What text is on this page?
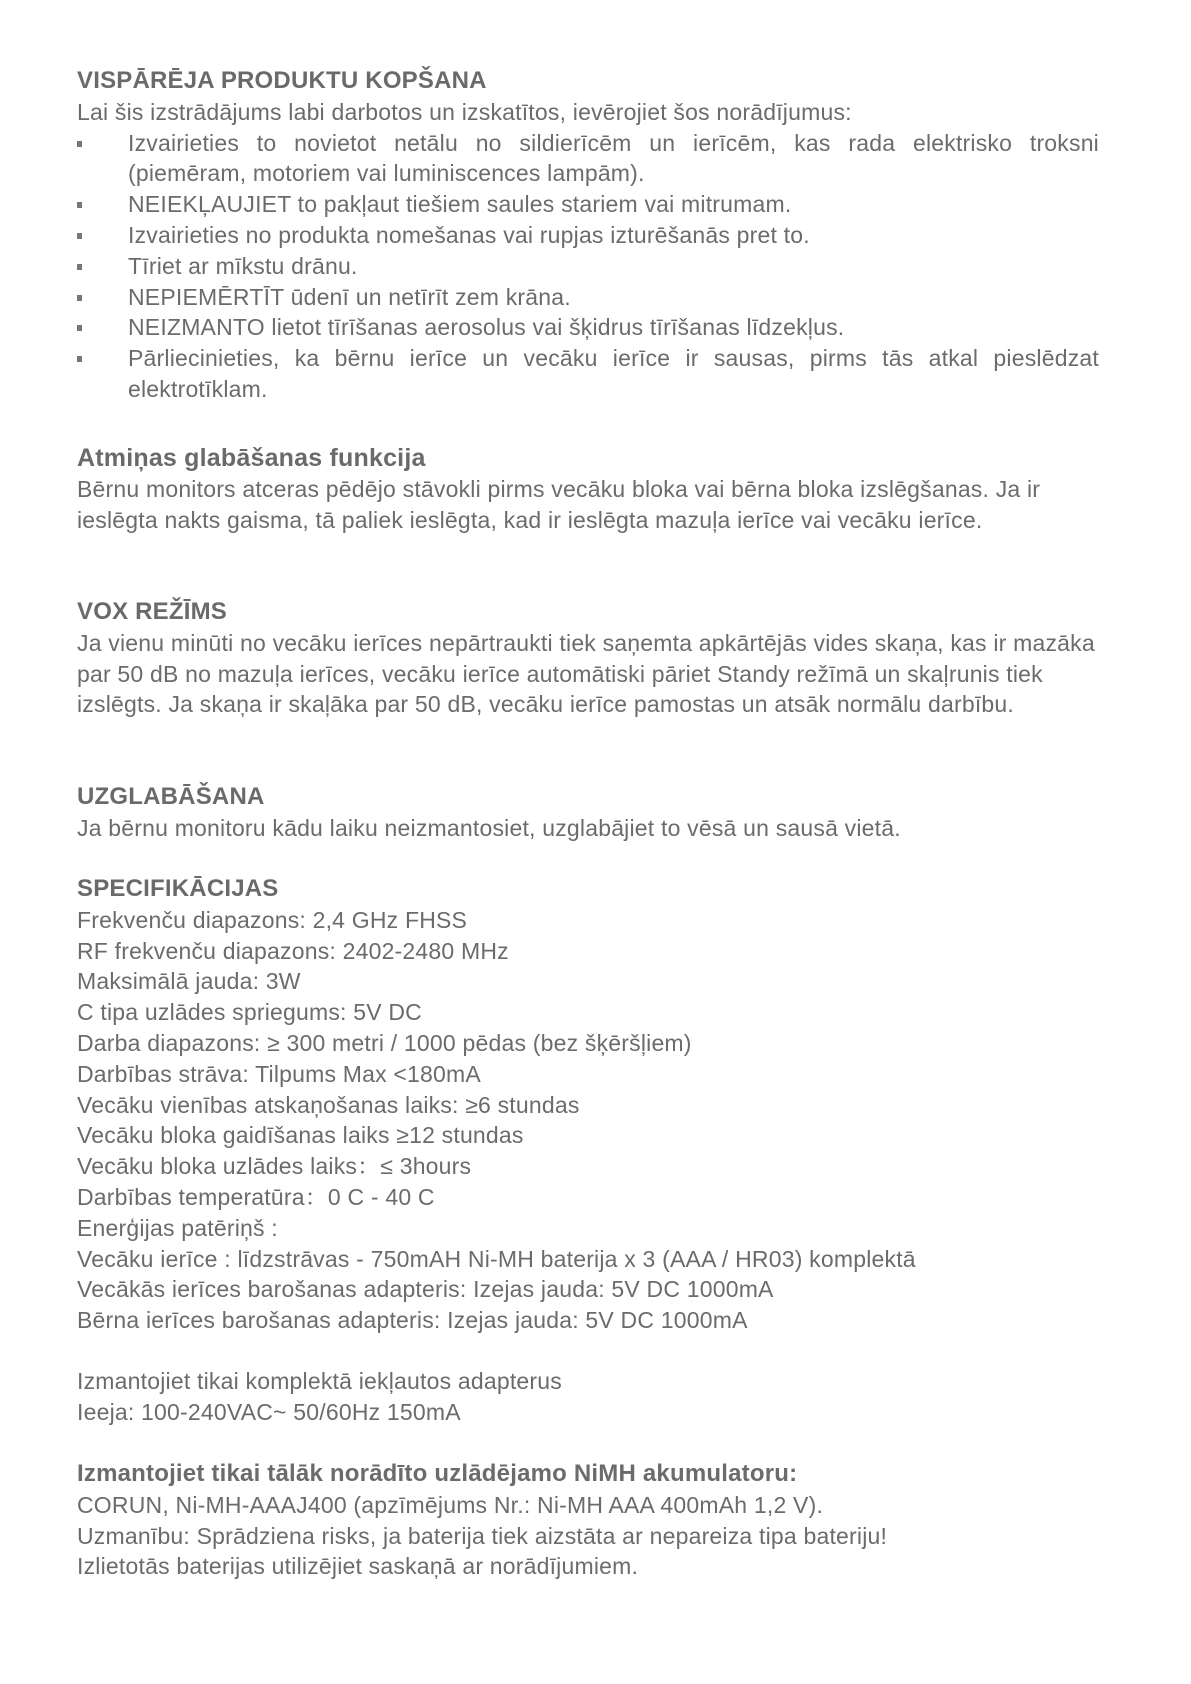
VISPĀRĒJA PRODUKTU KOPŠANA

Lai šis izstrādājums labi darbotos un izskatītos, ievērojiet šos norādījumus:

Izvairieties to novietot netālu no sildierīcēm un ierīcēm, kas rada elektrisko troksni (piemēram, motoriem vai luminiscences lampām).
NEIEKĻAUJIET to pakļaut tiešiem saules stariem vai mitrumam.
Izvairieties no produkta nomešanas vai rupjas izturēšanās pret to.
Tīriet ar mīkstu drānu.
NEPIEMĒRTĪT ūdenī un netīrīt zem krāna.
NEIZMANTO lietot tīrīšanas aerosolus vai šķidrus tīrīšanas līdzekļus.
Pārliecinieties, ka bērnu ierīce un vecāku ierīce ir sausas, pirms tās atkal pieslēdzat elektrotīklam.

Atmiņas glabāšanas funkcija

Bērnu monitors atceras pēdējo stāvokli pirms vecāku bloka vai bērna bloka izslēgšanas. Ja ir ieslēgta nakts gaisma, tā paliek ieslēgta, kad ir ieslēgta mazuļa ierīce vai vecāku ierīce.

VOX REŽĪMS

Ja vienu minūti no vecāku ierīces nepārtraukti tiek saņemta apkārtējās vides skaņa, kas ir mazāka par 50 dB no mazuļa ierīces, vecāku ierīce automātiski pāriet Standy režīmā un skaļrunis tiek izslēgts. Ja skaņa ir skaļāka par 50 dB, vecāku ierīce pamostas un atsāk normālu darbību.

UZGLABĀŠANA

Ja bērnu monitoru kādu laiku neizmantosiet, uzglabājiet to vēsā un sausā vietā.

SPECIFIKĀCIJAS

Frekvenču diapazons: 2,4 GHz FHSS

RF frekvenču diapazons: 2402-2480 MHz

Maksimālā jauda: 3W

C tipa uzlādes spriegums: 5V DC

Darba diapazons: ≥ 300 metri / 1000 pēdas (bez šķēršļiem)

Darbības strāva: Tilpums Max <180mA

Vecāku vienības atskaņošanas laiks: ≥6 stundas

Vecāku bloka gaidīšanas laiks ≥12 stundas

Vecāku bloka uzlādes laiks：≤ 3hours

Darbības temperatūra：0 C - 40 C

Enerģijas patēriņš :

Vecāku ierīce : līdzstrāvas - 750mAH Ni-MH baterija x 3 (AAA / HR03) komplektā

Vecākās ierīces barošanas adapteris: Izejas jauda: 5V DC 1000mA

Bērna ierīces barošanas adapteris: Izejas jauda: 5V DC 1000mA

Izmantojiet tikai komplektā iekļautos adapterus

Ieeja: 100-240VAC~ 50/60Hz 150mA

Izmantojiet tikai tālāk norādīto uzlādējamo NiMH akumulatoru:

CORUN, Ni-MH-AAAJ400 (apzīmējums Nr.: Ni-MH AAA 400mAh 1,2 V).

Uzmanību: Sprādziena risks, ja baterija tiek aizstāta ar nepareiza tipa bateriju!

Izlietotās baterijas utilizējiet saskaņā ar norādījumiem.
